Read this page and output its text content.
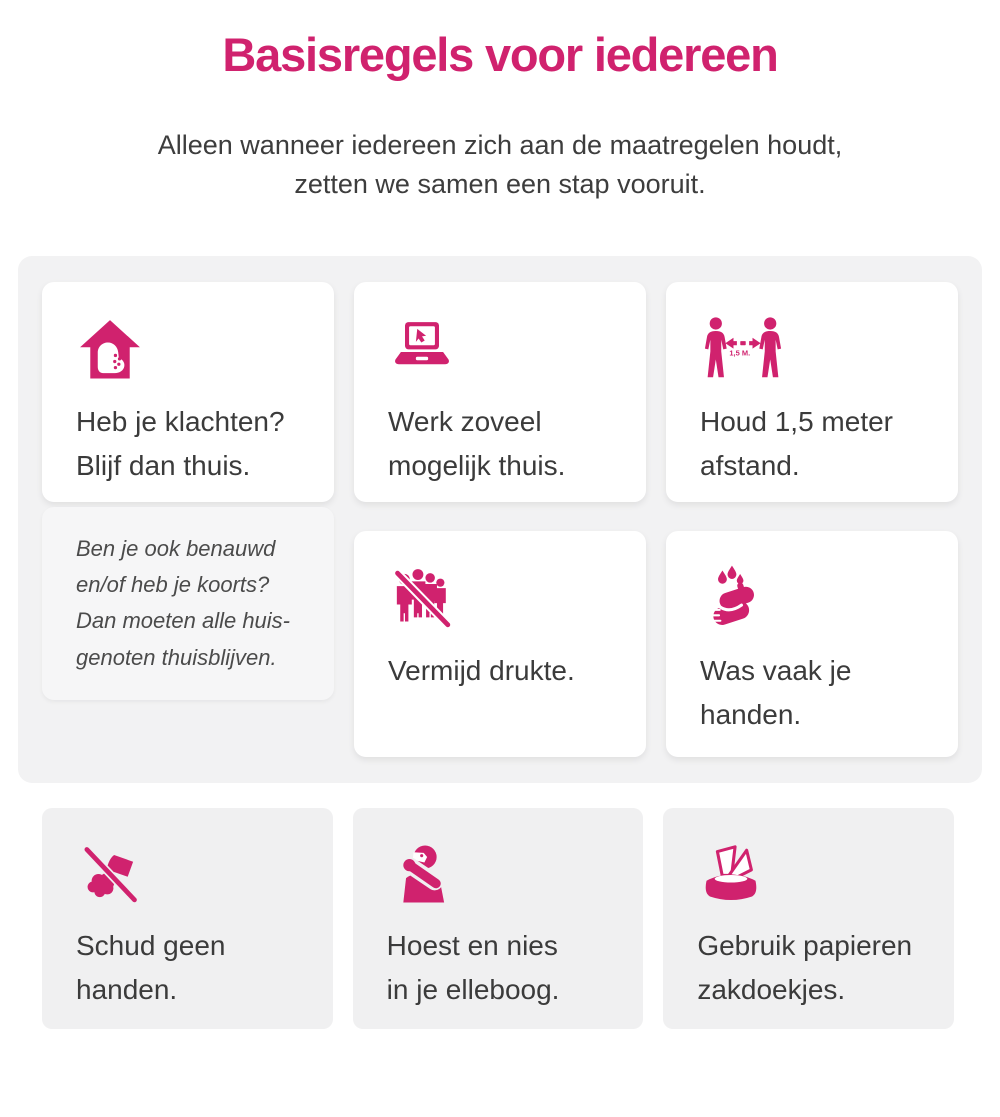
Basisregels voor iedereen

Alleen wanneer iedereen zich aan de maatregelen houdt,
zetten we samen een stap vooruit.

Heb je klachten?
Blijf dan thuis.

Werk zoveel
mogelijk thuis.

1,5 M.

Houd 1,5 meter
afstand.

Ben je ook benauwd
en/of heb je koorts?
Dan moeten alle huis-
genoten thuisblijven.	Vermijd drukte.	Was vaak je
handen.

Schud geen
handen.

Hoest en nies
in je elleboog.

Gebruik papieren
zakdoekjes.
